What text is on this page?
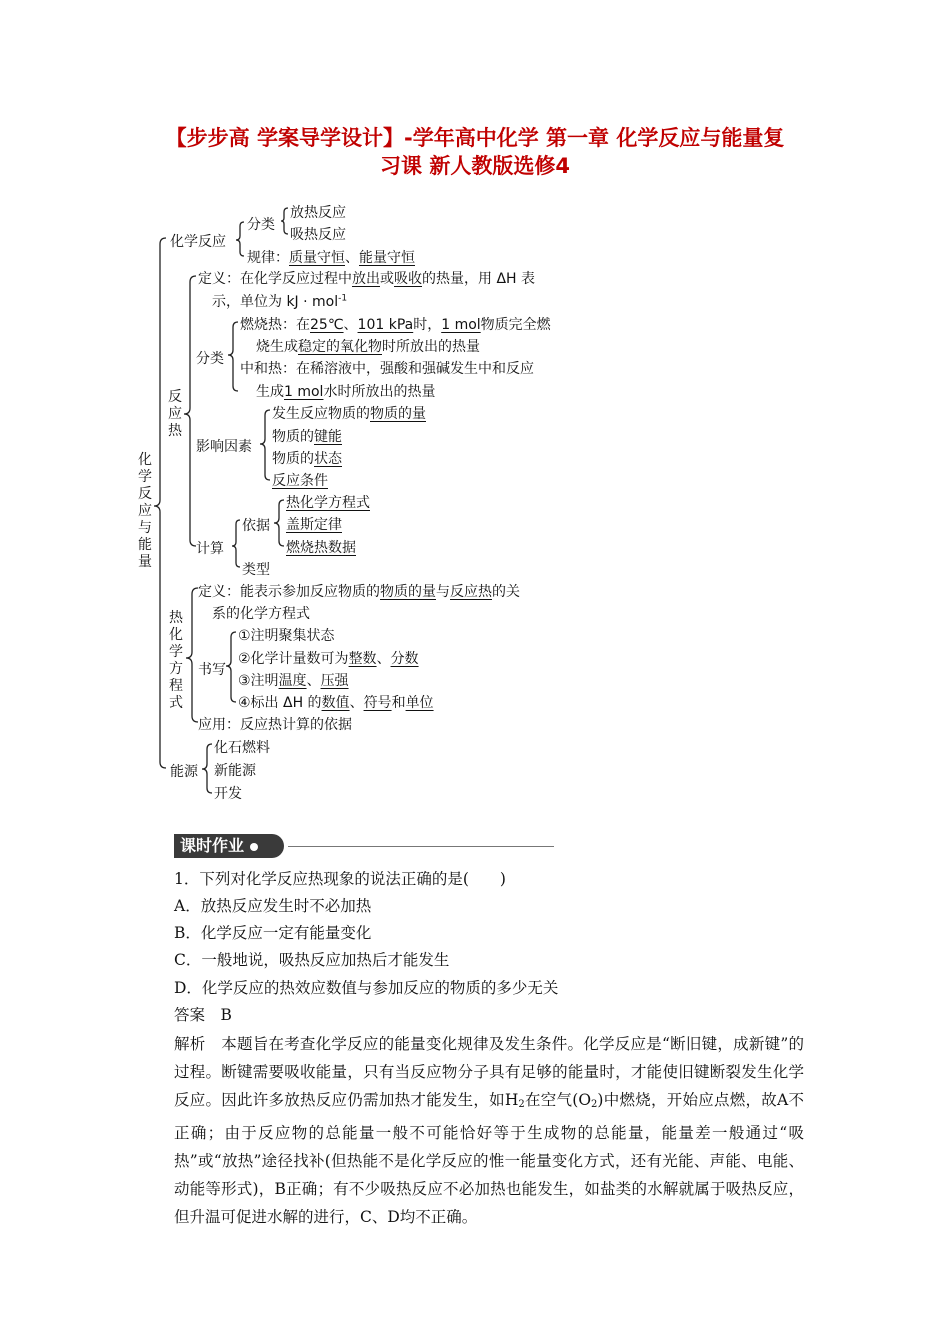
【步步高 学案导学设计】-学年高中化学 第一章 化学反应与能量复
习课 新人教版选修4
化学反应与能量
化学反应
分类
放热反应
吸热反应
规律：质量守恒、能量守恒
反应热
定义：在化学反应过程中放出或吸收的热量，用 ΔH 表
示，单位为 kJ · mol$^{-1}$
分类
燃烧热：在25℃、101 kPa时，1 mol物质完全燃
烧生成稳定的氧化物时所放出的热量
中和热：在稀溶液中，强酸和强碱发生中和反应
生成1 mol水时所放出的热量
影响因素
发生反应物质的物质的量
物质的键能
物质的状态
反应条件
计算
依据
热化学方程式
盖斯定律
燃烧热数据
类型
热化学方程式
定义：能表示参加反应物质的物质的量与反应热的关
系的化学方程式
书写
①注明聚集状态
②化学计量数可为整数、分数
③注明温度、压强
④标出 ΔH 的数值、符号和单位
应用：反应热计算的依据
能源
化石燃料
新能源
开发
课时作业
1．下列对化学反应热现象的说法正确的是(　　)
A．放热反应发生时不必加热
B．化学反应一定有能量变化
C．一般地说，吸热反应加热后才能发生
D．化学反应的热效应数值与参加反应的物质的多少无关
答案　B

解析　本题旨在考查化学反应的能量变化规律及发生条件。化学反应是“断旧键，成新键”的过程。断键需要吸收能量，只有当反应物分子具有足够的能量时，才能使旧键断裂发生化学反应。因此许多放热反应仍需加热才能发生，如$H_2$在空气$(O_2)$中燃烧，开始应点燃，故A不正确；由于反应物的总能量一般不可能恰好等于生成物的总能量，能量差一般通过“吸热”或“放热”途径找补(但热能不是化学反应的惟一能量变化方式，还有光能、声能、电能、动能等形式)，B正确；有不少吸热反应不必加热也能发生，如盐类的水解就属于吸热反应，但升温可促进水解的进行，C、D均不正确。
